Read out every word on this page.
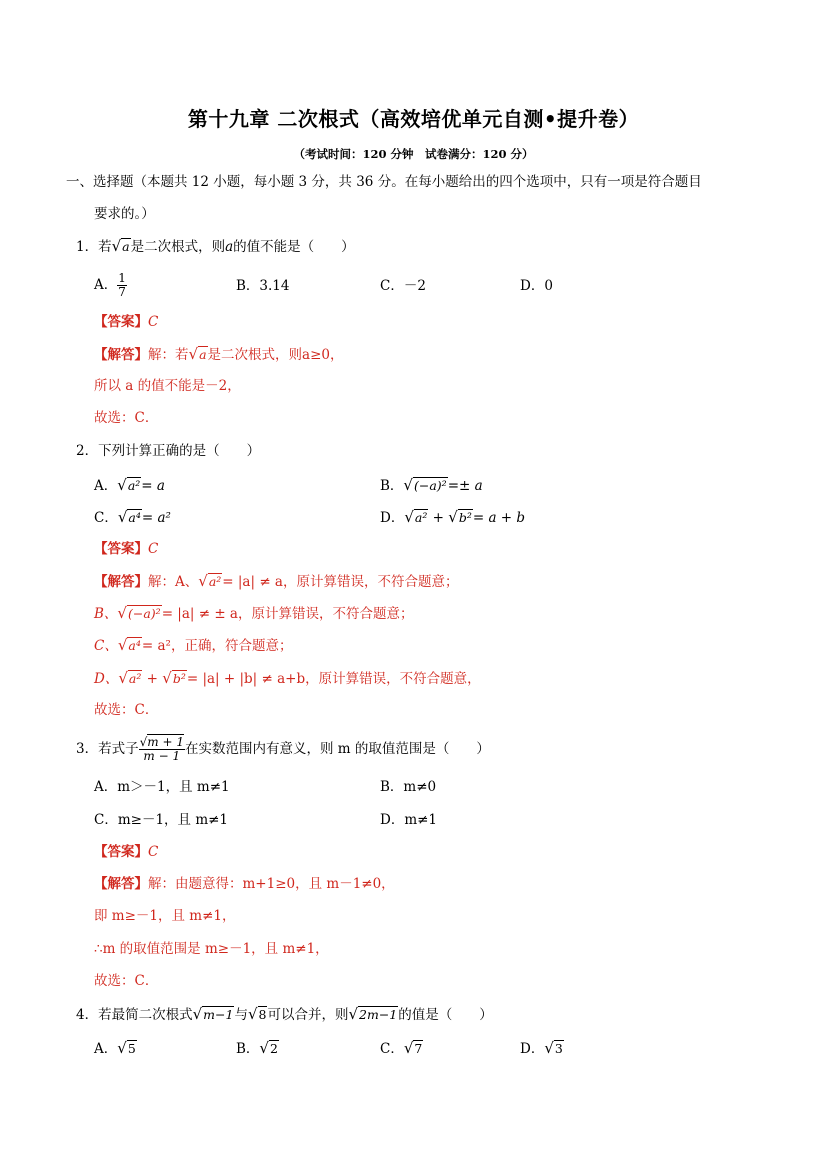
第十九章 二次根式（高效培优单元自测•提升卷）
（考试时间：120 分钟　试卷满分：120 分）
一、选择题（本题共 12 小题，每小题 3 分，共 36 分。在每小题给出的四个选项中，只有一项是符合题目
要求的。）
1．若√a是二次根式，则a的值不能是（　　）
A． $\frac{1}{7}$	B．3.14	C．－2	D．0
【答案】C
【解答】解：若√a是二次根式，则a≥0，
所以 a 的值不能是－2，
故选：C．
2．下列计算正确的是（　　）
A．√a²= a	B．√(−a)²=± a
C．√a⁴= a²	D．√a² + √b²= a + b
【答案】C
【解答】解：A、√a²= |a| ≠ a，原计算错误，不符合题意；
B、√(−a)²= |a| ≠ ± a，原计算错误，不符合题意；
C、√a⁴= a²，正确，符合题意；
D、√a² + √b²= |a| + |b| ≠ a+b，原计算错误，不符合题意，
故选：C．
3．若式子 $\frac{√m + 1}{m - 1}$ 在实数范围内有意义，则 m 的取值范围是（　　）
A．m＞－1，且 m≠1	B．m≠0
C．m≥－1，且 m≠1	D．m≠1
【答案】C
【解答】解：由题意得：m+1≥0，且 m－1≠0，
即 m≥－1，且 m≠1，
∴m 的取值范围是 m≥－1，且 m≠1，
故选：C．
4．若最简二次根式√m−1与√8可以合并，则√2m−1的值是（　　）
A．√5	B．√2	C．√7	D．√3
